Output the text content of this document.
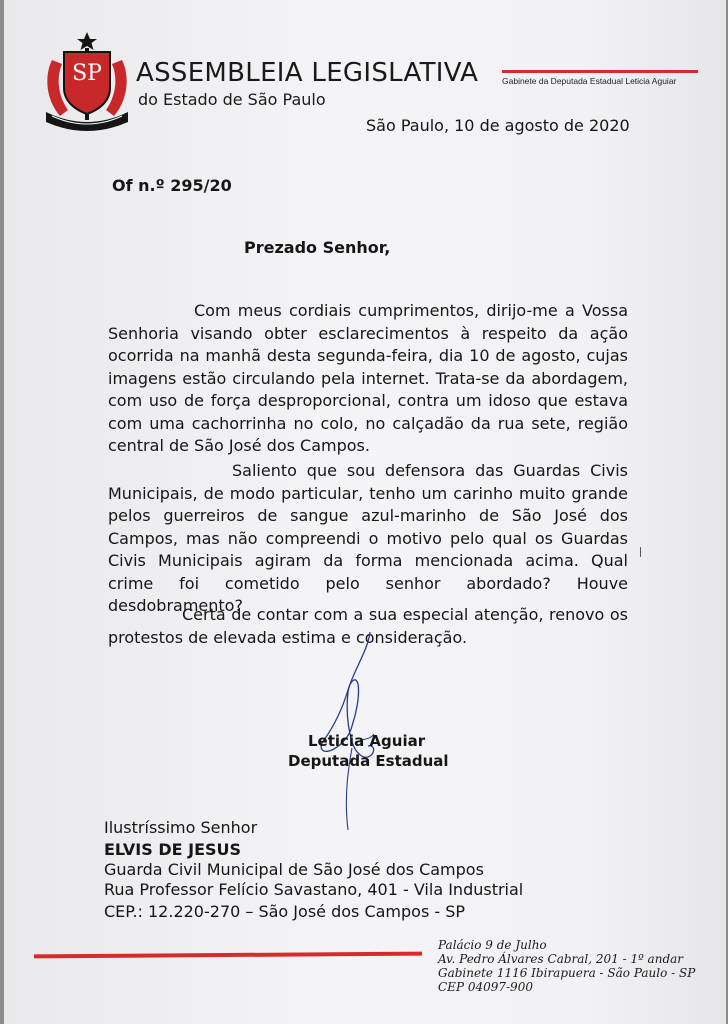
SP ASSEMBLEIA LEGISLATIVA
do Estado de São Paulo
Gabinete da Deputada Estadual Leticia Aguiar
São Paulo, 10 de agosto de 2020
Of n.º 295/20
Prezado Senhor,

Com meus cordiais cumprimentos, dirijo-me a Vossa Senhoria visando obter esclarecimentos à respeito da ação ocorrida na manhã desta segunda-feira, dia 10 de agosto, cujas imagens estão circulando pela internet. Trata-se da abordagem, com uso de força desproporcional, contra um idoso que estava com uma cachorrinha no colo, no calçadão da rua sete, região central de São José dos Campos.

Saliento que sou defensora das Guardas Civis Municipais, de modo particular, tenho um carinho muito grande pelos guerreiros de sangue azul-marinho de São José dos Campos, mas não compreendi o motivo pelo qual os Guardas Civis Municipais agiram da forma mencionada acima. Qual crime foi cometido pelo senhor abordado? Houve desdobramento?

Certa de contar com a sua especial atenção, renovo os protestos de elevada estima e consideração.

Leticia Aguiar
Deputada Estadual
Ilustríssimo Senhor
ELVIS DE JESUS
Guarda Civil Municipal de São José dos Campos
Rua Professor Felício Savastano, 401 - Vila Industrial
CEP.: 12.220-270 – São José dos Campos - SP
Palácio 9 de Julho
Av. Pedro Álvares Cabral, 201 - 1º andar
Gabinete 1116 Ibirapuera - São Paulo - SP
CEP 04097-900
